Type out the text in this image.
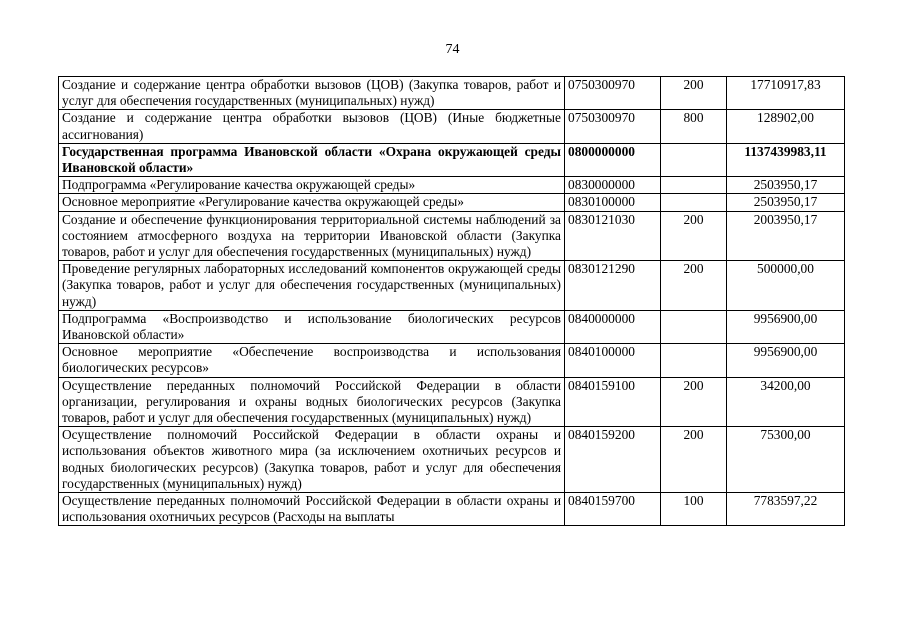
74
Создание и содержание центра обработки вызовов (ЦОВ) (Закупка товаров, работ и услуг для обеспечения государственных (муниципальных) нужд)	0750300970	200	17710917,83
Создание и содержание центра обработки вызовов (ЦОВ) (Иные бюджетные ассигнования)	0750300970	800	128902,00
Государственная программа Ивановской области «Охрана окружающей среды Ивановской области»	0800000000		1137439983,11
Подпрограмма «Регулирование качества окружающей среды»	0830000000		2503950,17
Основное мероприятие «Регулирование качества окружающей среды»	0830100000		2503950,17
Создание и обеспечение функционирования территориальной системы наблюдений за состоянием атмосферного воздуха на территории Ивановской области (Закупка товаров, работ и услуг для обеспечения государственных (муниципальных) нужд)	0830121030	200	2003950,17
Проведение регулярных лабораторных исследований компонентов окружающей среды (Закупка товаров, работ и услуг для обеспечения государственных (муниципальных) нужд)	0830121290	200	500000,00
Подпрограмма «Воспроизводство и использование биологических ресурсов Ивановской области»	0840000000		9956900,00
Основное мероприятие «Обеспечение воспроизводства и использования биологических ресурсов»	0840100000		9956900,00
Осуществление переданных полномочий Российской Федерации в области организации, регулирования и охраны водных биологических ресурсов (Закупка товаров, работ и услуг для обеспечения государственных (муниципальных) нужд)	0840159100	200	34200,00
Осуществление полномочий Российской Федерации в области охраны и использования объектов животного мира (за исключением охотничьих ресурсов и водных биологических ресурсов) (Закупка товаров, работ и услуг для обеспечения государственных (муниципальных) нужд)	0840159200	200	75300,00
Осуществление переданных полномочий Российской Федерации в области охраны и использования охотничьих ресурсов (Расходы на выплаты	0840159700	100	7783597,22
